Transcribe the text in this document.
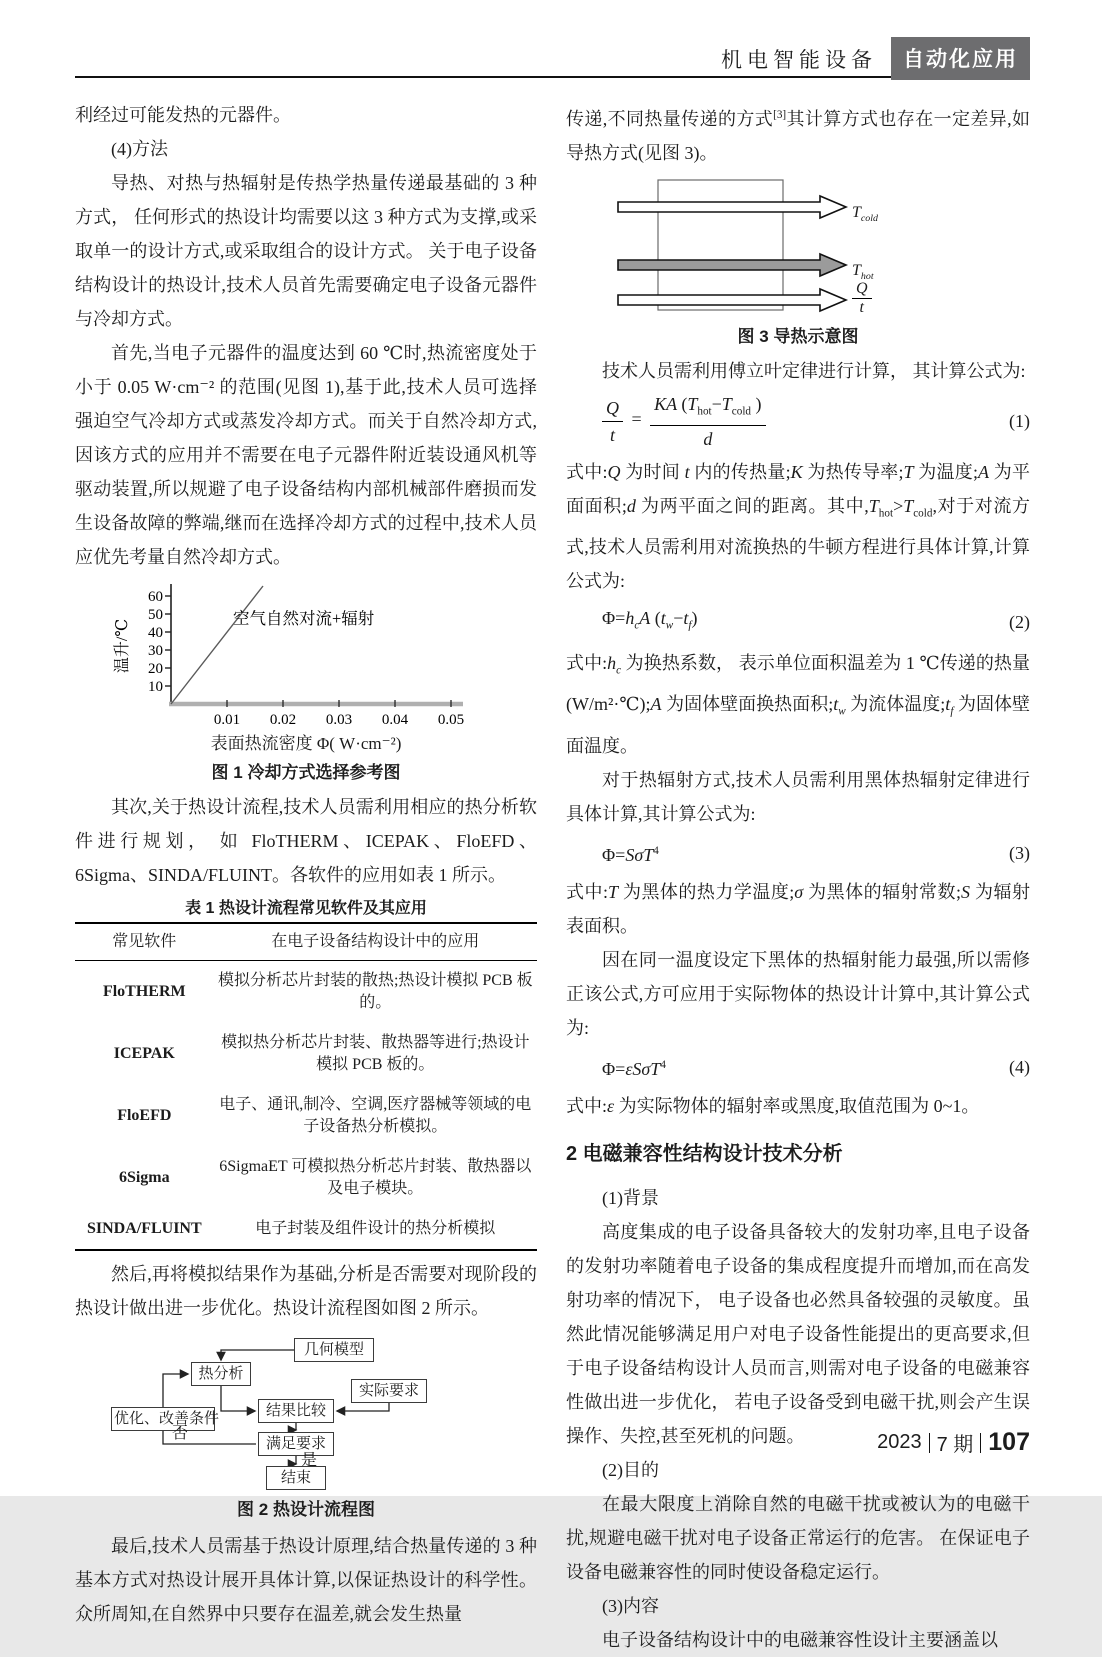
机电智能设备	自动化应用

利经过可能发热的元器件。

(4)方法

导热、对热与热辐射是传热学热量传递最基础的 3 种方式， 任何形式的热设计均需要以这 3 种方式为支撑,或采取单一的设计方式,或采取组合的设计方式。 关于电子设备结构设计的热设计,技术人员首先需要确定电子设备元器件与冷却方式。

首先,当电子元器件的温度达到 60 ℃时,热流密度处于小于 0.05 W·cm⁻² 的范围(见图 1),基于此,技术人员可选择强迫空气冷却方式或蒸发冷却方式。而关于自然冷却方式,因该方式的应用并不需要在电子元器件附近装设通风机等驱动装置,所以规避了电子设备结构内部机械部件磨损而发生设备故障的弊端,继而在选择冷却方式的过程中,技术人员应优先考量自然冷却方式。

温升/℃
60
50
40
30
20
10
0.01 0.02 0.03 0.04 0.05
空气自然对流+辐射
表面热流密度 Φ( W·cm⁻²)
图 1 冷却方式选择参考图

其次,关于热设计流程,技术人员需利用相应的热分析软件进行规划， 如 FloTHERM、ICEPAK、FloEFD、6Sigma、SINDA/FLUINT。各软件的应用如表 1 所示。

表 1 热设计流程常见软件及其应用
常见软件	在电子设备结构设计中的应用
FloTHERM	模拟分析芯片封装的散热;热设计模拟 PCB 板的。
ICEPAK	模拟热分析芯片封装、散热器等进行;热设计模拟 PCB 板的。
FloEFD	电子、通讯,制冷、空调,医疗器械等领域的电子设备热分析模拟。
6Sigma	6SigmaET 可模拟热分析芯片封装、散热器以及电子模块。
SINDA/FLUINT	电子封装及组件设计的热分析模拟

然后,再将模拟结果作为基础,分析是否需要对现阶段的热设计做出进一步优化。热设计流程图如图 2 所示。

几何模型
热分析
实际要求
结果比较
优化、改善条件
满足要求
结束
否
是
图 2 热设计流程图

最后,技术人员需基于热设计原理,结合热量传递的 3 种基本方式对热设计展开具体计算,以保证热设计的科学性。众所周知,在自然界中只要存在温差,就会发生热量

传递,不同热量传递的方式[3]其计算方式也存在一定差异,如导热方式(见图 3)。

$T_{cold}$
$T_{hot}$
Q
t
图 3 导热示意图

技术人员需利用傅立叶定律进行计算， 其计算公式为:

$\frac{Q}{t} = \frac{KA (T_{hot}-T_{cold} )}{d}$	(1)

式中:Q 为时间 t 内的传热量;K 为热传导率;T 为温度;A 为平面面积;d 为两平面之间的距离。其中$,T_{hot}>T_{cold}$,对于对流方式,技术人员需利用对流换热的牛顿方程进行具体计算,计算公式为:

$\Phi=h_cA$ $(t_w-t_f)$	(2)

式中$:h_c$ 为换热系数， 表示单位面积温差为 1 ℃传递的热量(W/m²·℃);A 为固体壁面换热面积$;t_w$ 为流体温度$;t_f$ 为固体壁面温度。

对于热辐射方式,技术人员需利用黑体热辐射定律进行具体计算,其计算公式为:

Φ=SσT$^4$	(3)

式中:T 为黑体的热力学温度;σ 为黑体的辐射常数;S 为辐射表面积。

因在同一温度设定下黑体的热辐射能力最强,所以需修正该公式,方可应用于实际物体的热设计计算中,其计算公式为:

Φ=εSσT$^4$	(4)

式中:ε 为实际物体的辐射率或黑度,取值范围为 0~1。

2 电磁兼容性结构设计技术分析

(1)背景

高度集成的电子设备具备较大的发射功率,且电子设备的发射功率随着电子设备的集成程度提升而增加,而在高发射功率的情况下， 电子设备也必然具备较强的灵敏度。虽然此情况能够满足用户对电子设备性能提出的更高要求,但于电子设备结构设计人员而言,则需对电子设备的电磁兼容性做出进一步优化， 若电子设备受到电磁干扰,则会产生误操作、失控,甚至死机的问题。

(2)目的

在最大限度上消除自然的电磁干扰或被认为的电磁干扰,规避电磁干扰对电子设备正常运行的危害。 在保证电子设备电磁兼容性的同时使设备稳定运行。

(3)内容

电子设备结构设计中的电磁兼容性设计主要涵盖以

2023 7 期 107
